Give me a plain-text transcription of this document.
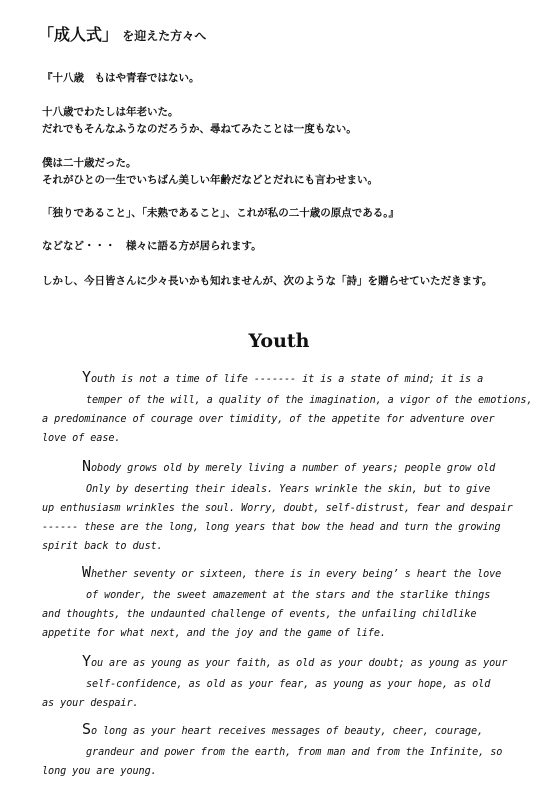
「成人式」 を迎えた方々へ
『十八歳　もはや青春ではない。
十八歳でわたしは年老いた。
だれでもそんなふうなのだろうか、尋ねてみたことは一度もない。
僕は二十歳だった。
それがひとの一生でいちばん美しい年齢だなどとだれにも言わせまい。
「独りであること」、「未熟であること」、これが私の二十歳の原点である。』
などなど・・・　様々に語る方が居られます。
しかし、今日皆さんに少々長いかも知れませんが、次のような「詩」を贈らせていただきます。
Youth
Youth is not a time of life ------- it is a state of mind; it is a
temper of the will, a quality of the imagination, a vigor of the emotions,
a predominance of courage over timidity, of the appetite for adventure over
love of ease.
Nobody grows old by merely living a number of years; people grow old
Only by deserting their ideals. Years wrinkle the skin, but to give
up enthusiasm wrinkles the soul. Worry, doubt, self-distrust, fear and despair
------ these are the long, long years that bow the head and turn the growing
spirit back to dust.
Whether seventy or sixteen, there is in every being’ s heart the love
of wonder, the sweet amazement at the stars and the starlike things
and thoughts, the undaunted challenge of events, the unfailing childlike
appetite for what next, and the joy and the game of life.
You are as young as your faith, as old as your doubt; as young as your
self-confidence, as old as your fear, as young as your hope, as old
as your despair.
So long as your heart receives messages of beauty, cheer, courage,
grandeur and power from the earth, from man and from the Infinite, so
long you are young.
